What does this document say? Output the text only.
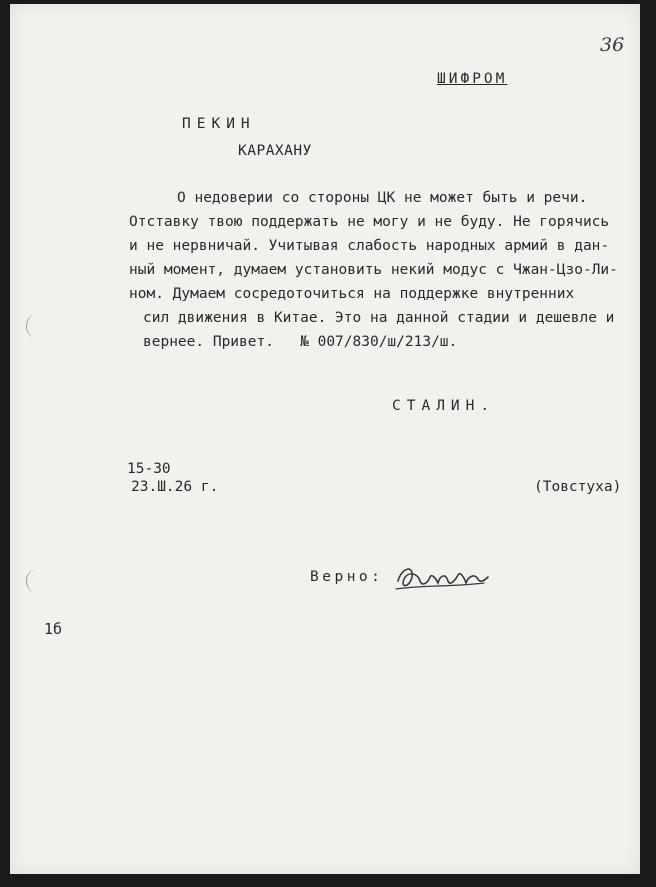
36
ШИФРОМ
ПЕКИН
КАРАХАНУ
О недоверии со стороны ЦК не может быть и речи.
Отставку твою поддержать не могу и не буду. Не горячись
и не нервничай. Учитывая слабость народных армий в дан-
ный момент, думаем установить некий модус с Чжан-Цзо-Ли-
ном. Думаем сосредоточиться на поддержке внутренних
сил движения в Китае. Это на данной стадии и дешевле и
вернее. Привет.   № 007/830/ш/213/ш.
СТАЛИН.
15-30
23.Ш.26 г.	(Товстуха)
Верно:
1б
